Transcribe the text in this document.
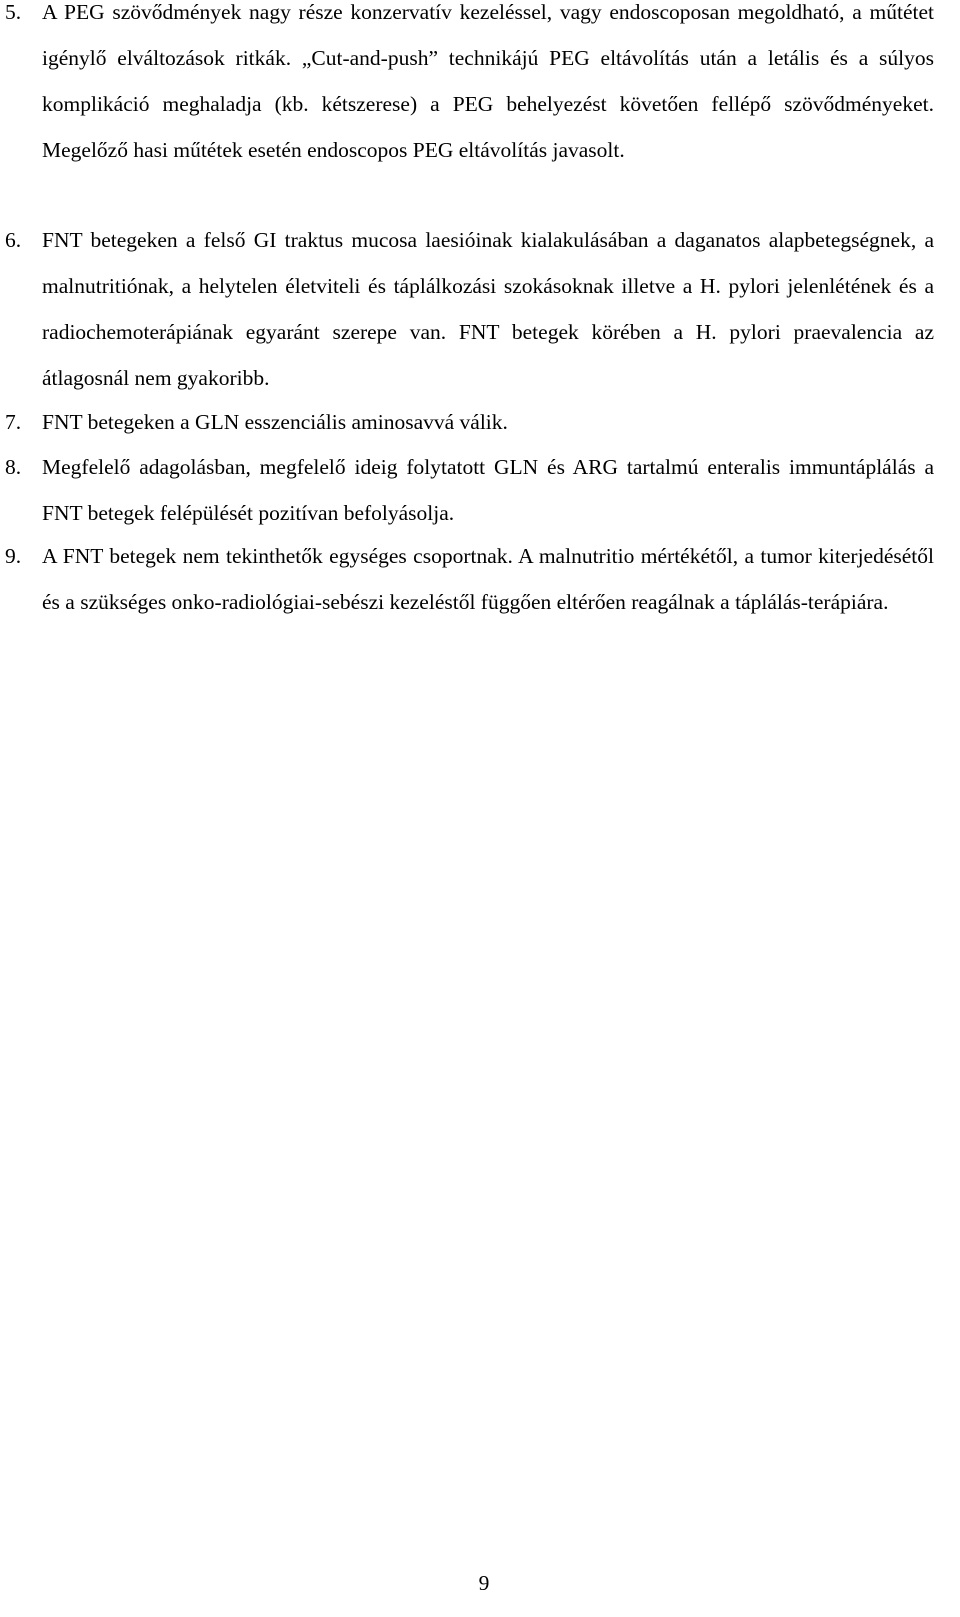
5. A PEG szövődmények nagy része konzervatív kezeléssel, vagy endoscoposan megoldható, a műtétet igénylő elváltozások ritkák. „Cut-and-push” technikájú PEG eltávolítás után a letális és a súlyos komplikáció meghaladja (kb. kétszerese) a PEG behelyezést követően fellépő szövődményeket. Megelőző hasi műtétek esetén endoscopos PEG eltávolítás javasolt.

6. FNT betegeken a felső GI traktus mucosa laesióinak kialakulásában a daganatos alapbetegségnek, a malnutritiónak, a helytelen életviteli és táplálkozási szokásoknak illetve a H. pylori jelenlétének és a radiochemoterápiának egyaránt szerepe van. FNT betegek körében a H. pylori praevalencia az átlagosnál nem gyakoribb.

7. FNT betegeken a GLN esszenciális aminosavvá válik.

8. Megfelelő adagolásban, megfelelő ideig folytatott GLN és ARG tartalmú enteralis immuntáplálás a FNT betegek felépülését pozitívan befolyásolja.

9. A FNT betegek nem tekinthetők egységes csoportnak. A malnutritio mértékétől, a tumor kiterjedésétől és a szükséges onko-radiológiai-sebészi kezeléstől függően eltérően reagálnak a táplálás-terápiára.

9
